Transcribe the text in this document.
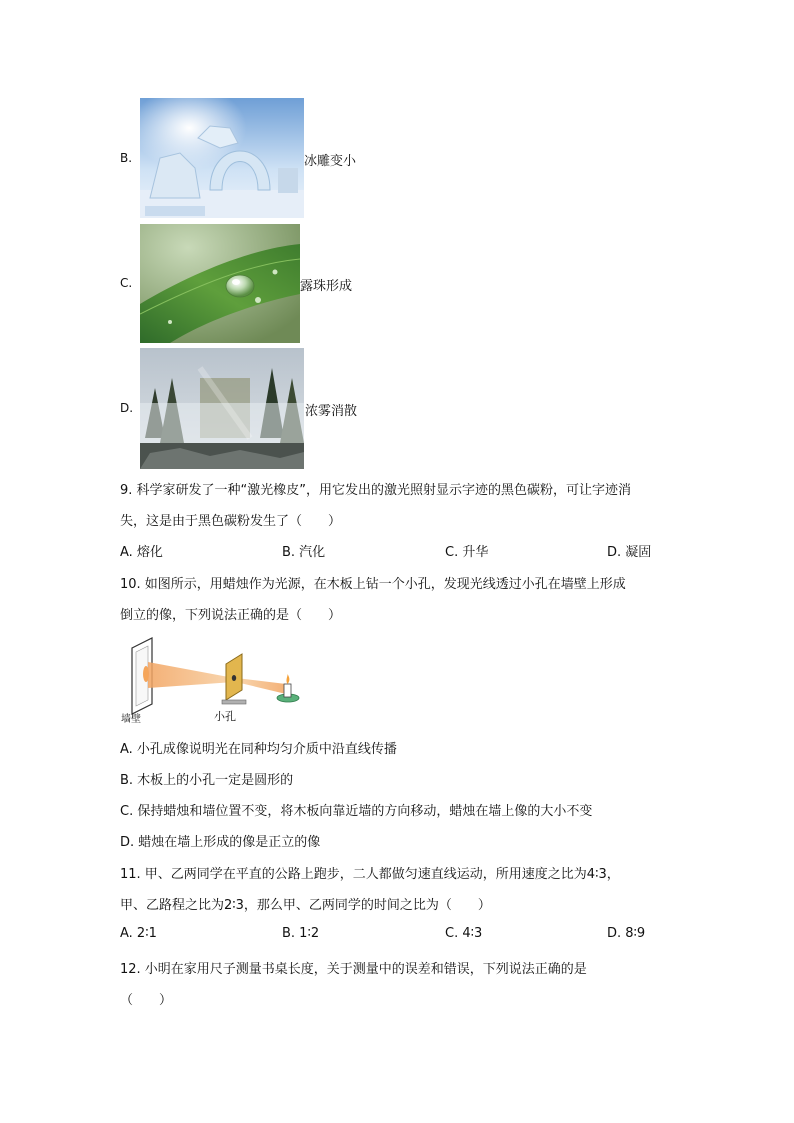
B.	冰雕变小
C.	露珠形成
D.	浓雾消散
9. 科学家研发了一种“激光橡皮”，用它发出的激光照射显示字迹的黑色碳粉，可让字迹消
失，这是由于黑色碳粉发生了（　　）
A. 熔化	B. 汽化	C. 升华	D. 凝固
10. 如图所示，用蜡烛作为光源，在木板上钻一个小孔，发现光线透过小孔在墙壁上形成
倒立的像，下列说法正确的是（　　）
墙壁	小孔
A. 小孔成像说明光在同种均匀介质中沿直线传播
B. 木板上的小孔一定是圆形的
C. 保持蜡烛和墙位置不变，将木板向靠近墙的方向移动，蜡烛在墙上像的大小不变
D. 蜡烛在墙上形成的像是正立的像
11. 甲、乙两同学在平直的公路上跑步，二人都做匀速直线运动，所用速度之比为4∶3，
甲、乙路程之比为2∶3，那么甲、乙两同学的时间之比为（　　）
A. 2∶1	B. 1∶2	C. 4∶3	D. 8∶9
12. 小明在家用尺子测量书桌长度，关于测量中的误差和错误，下列说法正确的是
（　　）
